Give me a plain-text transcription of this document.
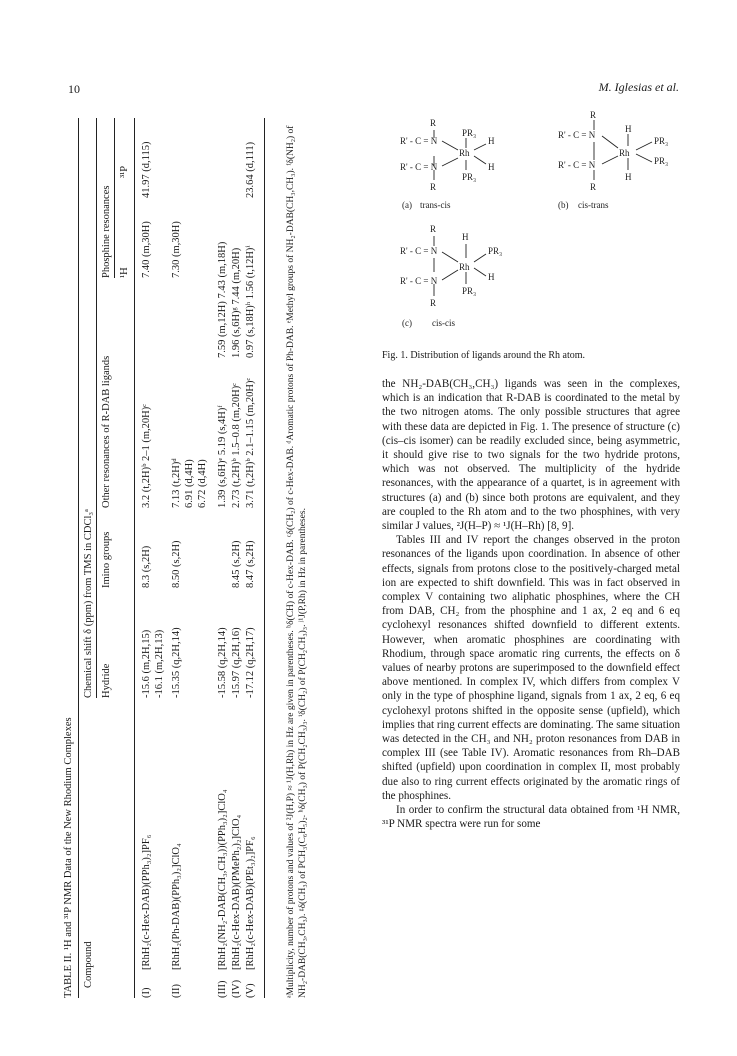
10	M. Iglesias et al.
TABLE II. ¹H and ³¹P NMR Data of the New Rhodium Complexes Compound
Chemical shift δ (ppm) from TMS in CDCl₃ᵃ Hydride
Imino groups
Other resonances of R-DAB ligands
Phosphine resonances ¹H
³¹P
(I)
[RhH₂(c-Hex-DAB)(PPh₃)₂]PF₆
-15.6 (m,2H,15) -16.1 (m,2H,13)
8.3 (s,2H)
3.2 (t,2H)ᵇ 2–1 (m,20H)ᶜ
7.40 (m,30H)
41.97 (d,115)
(II)
[RhH₂(Ph-DAB)(PPh₃)₂]ClO₄
-15.35 (q,2H,14)
8.50 (s,2H)
7.13 (t,2H)ᵈ 6.91 (d,4H) 6.72 (d,4H)
7.30 (m,30H)
(III)
[RhH₂(NH₂-DAB(CH₃,CH₃))(PPh₃)₂]ClO₄
-15.58 (q,2H,14)
1.39 (s,6H)ᵉ 5.19 (s,4H)ᶠ
7.59 (m,12H) 7.43 (m,18H)
(IV)
[RhH₂(c-Hex-DAB)(PMePh₂)₂]ClO₄
-15.97 (q,2H,16)
8.45 (s,2H)
2.73 (t,2H)ᵇ 1.5–0.8 (m,20H)ᶜ
1.96 (s,6H)ᵍ 7.44 (m,20H)
(V)
[RhH₂(c-Hex-DAB)(PEt₃)₂]PF₆
-17.12 (q,2H,17)
8.47 (s,2H)
3.71 (t,2H)ᵇ 2.1–1.15 (m,20H)ᶜ
0.97 (s,18H)ʰ 1.56 (t,12H)ⁱ
23.64 (d,111)	ᵃMultiplicity, number of protons and values of ²J(H,P) ≈ ¹J(H,Rh) in Hz are given in parentheses. ᵇδ(CH) of c-Hex-DAB. ᶜδ(CH₂) of c-Hex-DAB. ᵈAromatic protons of Ph-DAB. ᵉMethyl groups of NH₂-DAB(CH₃,CH₃). ᶠδ(NH₂) of NH₂-DAB(CH₃,CH₃). ᵍδ(CH₃) of PCH₃(C₆H₅)₂. ʰδ(CH₃) of P(CH₂CH₃)₃. ⁱδ(CH₂) of P(CH₂CH₃)₃. ʲ¹J(P,Rh) in Hz in parentheses.
R
R' - C = N
R' - C = N
Rh
PR₃
PR₃
H
H
R
(a) trans-cis
R
R' - C = N
R' - C = N
Rh
H
H
PR₃
PR₃
R
(b) cis-trans
R
H
R' - C = N
R' - C = N
Rh
PR₃
H
PR₃
R
(c) cis-cis
Fig. 1. Distribution of ligands around the Rh atom.

the NH₂-DAB(CH₃,CH₃) ligands was seen in the complexes, which is an indication that R-DAB is coordinated to the metal by the two nitrogen atoms. The only possible structures that agree with these data are depicted in Fig. 1. The presence of structure (c) (cis–cis isomer) can be readily excluded since, being asymmetric, it should give rise to two signals for the two hydride protons, which was not observed. The multiplicity of the hydride resonances, with the appearance of a quartet, is in agreement with structures (a) and (b) since both protons are equivalent, and they are coupled to the Rh atom and to the two phosphines, with very similar J values, ²J(H–P) ≈ ¹J(H–Rh) [8, 9].

Tables III and IV report the changes observed in the proton resonances of the ligands upon coordination. In absence of other effects, signals from protons close to the positively-charged metal ion are expected to shift downfield. This was in fact observed in complex V containing two aliphatic phosphines, where the CH from DAB, CH₂ from the phosphine and 1 ax, 2 eq and 6 eq cyclohexyl resonances shifted downfield to different extents. However, when aromatic phosphines are coordinating with Rhodium, through space aromatic ring currents, the effects on δ values of nearby protons are superimposed to the downfield effect above mentioned. In complex IV, which differs from complex V only in the type of phosphine ligand, signals from 1 ax, 2 eq, 6 eq cyclohexyl protons shifted in the opposite sense (upfield), which implies that ring current effects are dominating. The same situation was detected in the CH₃ and NH₂ proton resonances from DAB in complex III (see Table IV). Aromatic resonances from Rh–DAB shifted (upfield) upon coordination in complex II, most probably due also to ring current effects originated by the aromatic rings of the phosphines.

In order to confirm the structural data obtained from ¹H NMR, ³¹P NMR spectra were run for some
